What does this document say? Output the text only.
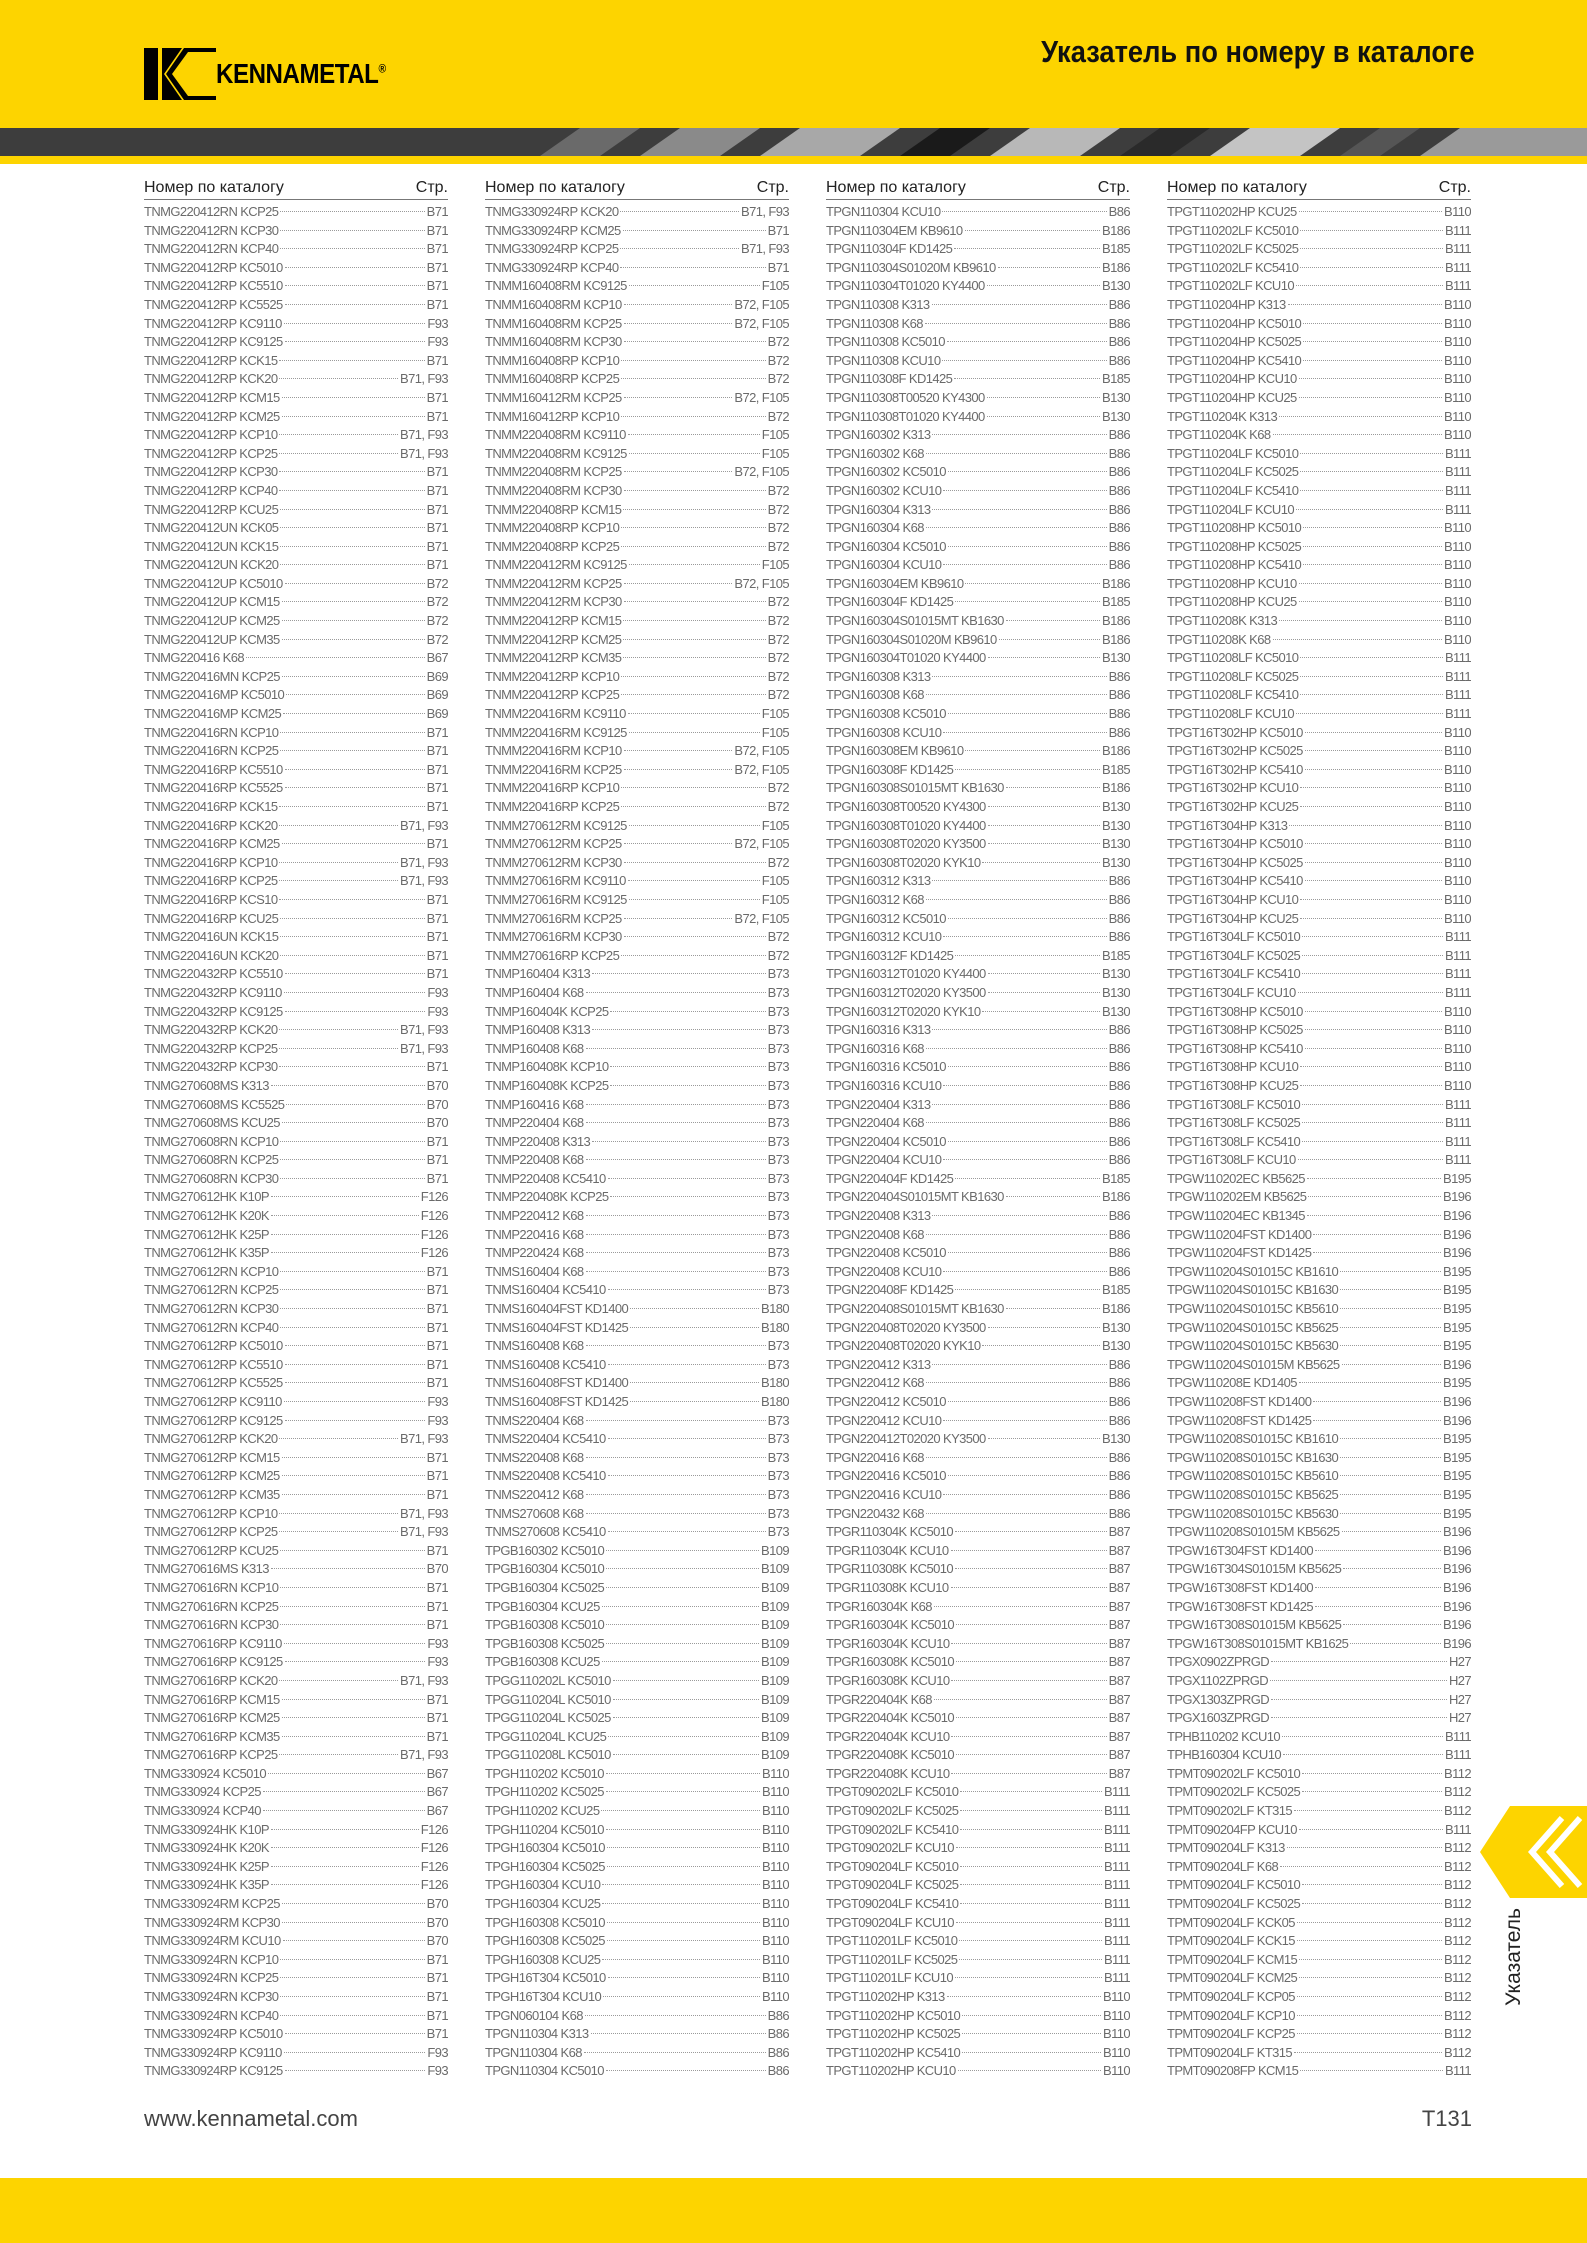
KENNAMETAL®	Указатель по номеру в каталоге
Номер по каталогу	Стр.
TNMG220412RN KCP25	B71
TNMG220412RN KCP30	B71
TNMG220412RN KCP40	B71
TNMG220412RP KC5010	B71
TNMG220412RP KC5510	B71
TNMG220412RP KC5525	B71
TNMG220412RP KC9110	F93
TNMG220412RP KC9125	F93
TNMG220412RP KCK15	B71
TNMG220412RP KCK20	B71, F93
TNMG220412RP KCM15	B71
TNMG220412RP KCM25	B71
TNMG220412RP KCP10	B71, F93
TNMG220412RP KCP25	B71, F93
TNMG220412RP KCP30	B71
TNMG220412RP KCP40	B71
TNMG220412RP KCU25	B71
TNMG220412UN KCK05	B71
TNMG220412UN KCK15	B71
TNMG220412UN KCK20	B71
TNMG220412UP KC5010	B72
TNMG220412UP KCM15	B72
TNMG220412UP KCM25	B72
TNMG220412UP KCM35	B72
TNMG220416 K68	B67
TNMG220416MN KCP25	B69
TNMG220416MP KC5010	B69
TNMG220416MP KCM25	B69
TNMG220416RN KCP10	B71
TNMG220416RN KCP25	B71
TNMG220416RP KC5510	B71
TNMG220416RP KC5525	B71
TNMG220416RP KCK15	B71
TNMG220416RP KCK20	B71, F93
TNMG220416RP KCM25	B71
TNMG220416RP KCP10	B71, F93
TNMG220416RP KCP25	B71, F93
TNMG220416RP KCS10	B71
TNMG220416RP KCU25	B71
TNMG220416UN KCK15	B71
TNMG220416UN KCK20	B71
TNMG220432RP KC5510	B71
TNMG220432RP KC9110	F93
TNMG220432RP KC9125	F93
TNMG220432RP KCK20	B71, F93
TNMG220432RP KCP25	B71, F93
TNMG220432RP KCP30	B71
TNMG270608MS K313	B70
TNMG270608MS KC5525	B70
TNMG270608MS KCU25	B70
TNMG270608RN KCP10	B71
TNMG270608RN KCP25	B71
TNMG270608RN KCP30	B71
TNMG270612HK K10P	F126
TNMG270612HK K20K	F126
TNMG270612HK K25P	F126
TNMG270612HK K35P	F126
TNMG270612RN KCP10	B71
TNMG270612RN KCP25	B71
TNMG270612RN KCP30	B71
TNMG270612RN KCP40	B71
TNMG270612RP KC5010	B71
TNMG270612RP KC5510	B71
TNMG270612RP KC5525	B71
TNMG270612RP KC9110	F93
TNMG270612RP KC9125	F93
TNMG270612RP KCK20	B71, F93
TNMG270612RP KCM15	B71
TNMG270612RP KCM25	B71
TNMG270612RP KCM35	B71
TNMG270612RP KCP10	B71, F93
TNMG270612RP KCP25	B71, F93
TNMG270612RP KCU25	B71
TNMG270616MS K313	B70
TNMG270616RN KCP10	B71
TNMG270616RN KCP25	B71
TNMG270616RN KCP30	B71
TNMG270616RP KC9110	F93
TNMG270616RP KC9125	F93
TNMG270616RP KCK20	B71, F93
TNMG270616RP KCM15	B71
TNMG270616RP KCM25	B71
TNMG270616RP KCM35	B71
TNMG270616RP KCP25	B71, F93
TNMG330924 KC5010	B67
TNMG330924 KCP25	B67
TNMG330924 KCP40	B67
TNMG330924HK K10P	F126
TNMG330924HK K20K	F126
TNMG330924HK K25P	F126
TNMG330924HK K35P	F126
TNMG330924RM KCP25	B70
TNMG330924RM KCP30	B70
TNMG330924RM KCU10	B70
TNMG330924RN KCP10	B71
TNMG330924RN KCP25	B71
TNMG330924RN KCP30	B71
TNMG330924RN KCP40	B71
TNMG330924RP KC5010	B71
TNMG330924RP KC9110	F93
TNMG330924RP KC9125	F93
Номер по каталогу	Стр.
TNMG330924RP KCK20	B71, F93
TNMG330924RP KCM25	B71
TNMG330924RP KCP25	B71, F93
TNMG330924RP KCP40	B71
TNMM160408RM KC9125	F105
TNMM160408RM KCP10	B72, F105
TNMM160408RM KCP25	B72, F105
TNMM160408RM KCP30	B72
TNMM160408RP KCP10	B72
TNMM160408RP KCP25	B72
TNMM160412RM KCP25	B72, F105
TNMM160412RP KCP10	B72
TNMM220408RM KC9110	F105
TNMM220408RM KC9125	F105
TNMM220408RM KCP25	B72, F105
TNMM220408RM KCP30	B72
TNMM220408RP KCM15	B72
TNMM220408RP KCP10	B72
TNMM220408RP KCP25	B72
TNMM220412RM KC9125	F105
TNMM220412RM KCP25	B72, F105
TNMM220412RM KCP30	B72
TNMM220412RP KCM15	B72
TNMM220412RP KCM25	B72
TNMM220412RP KCM35	B72
TNMM220412RP KCP10	B72
TNMM220412RP KCP25	B72
TNMM220416RM KC9110	F105
TNMM220416RM KC9125	F105
TNMM220416RM KCP10	B72, F105
TNMM220416RM KCP25	B72, F105
TNMM220416RP KCP10	B72
TNMM220416RP KCP25	B72
TNMM270612RM KC9125	F105
TNMM270612RM KCP25	B72, F105
TNMM270612RM KCP30	B72
TNMM270616RM KC9110	F105
TNMM270616RM KC9125	F105
TNMM270616RM KCP25	B72, F105
TNMM270616RM KCP30	B72
TNMM270616RP KCP25	B72
TNMP160404 K313	B73
TNMP160404 K68	B73
TNMP160404K KCP25	B73
TNMP160408 K313	B73
TNMP160408 K68	B73
TNMP160408K KCP10	B73
TNMP160408K KCP25	B73
TNMP160416 K68	B73
TNMP220404 K68	B73
TNMP220408 K313	B73
TNMP220408 K68	B73
TNMP220408 KC5410	B73
TNMP220408K KCP25	B73
TNMP220412 K68	B73
TNMP220416 K68	B73
TNMP220424 K68	B73
TNMS160404 K68	B73
TNMS160404 KC5410	B73
TNMS160404FST KD1400	B180
TNMS160404FST KD1425	B180
TNMS160408 K68	B73
TNMS160408 KC5410	B73
TNMS160408FST KD1400	B180
TNMS160408FST KD1425	B180
TNMS220404 K68	B73
TNMS220404 KC5410	B73
TNMS220408 K68	B73
TNMS220408 KC5410	B73
TNMS220412 K68	B73
TNMS270608 K68	B73
TNMS270608 KC5410	B73
TPGB160302 KC5010	B109
TPGB160304 KC5010	B109
TPGB160304 KC5025	B109
TPGB160304 KCU25	B109
TPGB160308 KC5010	B109
TPGB160308 KC5025	B109
TPGB160308 KCU25	B109
TPGG110202L KC5010	B109
TPGG110204L KC5010	B109
TPGG110204L KC5025	B109
TPGG110204L KCU25	B109
TPGG110208L KC5010	B109
TPGH110202 KC5010	B110
TPGH110202 KC5025	B110
TPGH110202 KCU25	B110
TPGH110204 KC5010	B110
TPGH160304 KC5010	B110
TPGH160304 KC5025	B110
TPGH160304 KCU10	B110
TPGH160304 KCU25	B110
TPGH160308 KC5010	B110
TPGH160308 KC5025	B110
TPGH160308 KCU25	B110
TPGH16T304 KC5010	B110
TPGH16T304 KCU10	B110
TPGN060104 K68	B86
TPGN110304 K313	B86
TPGN110304 K68	B86
TPGN110304 KC5010	B86
Номер по каталогу	Стр.
TPGN110304 KCU10	B86
TPGN110304EM KB9610	B186
TPGN110304F KD1425	B185
TPGN110304S01020M KB9610	B186
TPGN110304T01020 KY4400	B130
TPGN110308 K313	B86
TPGN110308 K68	B86
TPGN110308 KC5010	B86
TPGN110308 KCU10	B86
TPGN110308F KD1425	B185
TPGN110308T00520 KY4300	B130
TPGN110308T01020 KY4400	B130
TPGN160302 K313	B86
TPGN160302 K68	B86
TPGN160302 KC5010	B86
TPGN160302 KCU10	B86
TPGN160304 K313	B86
TPGN160304 K68	B86
TPGN160304 KC5010	B86
TPGN160304 KCU10	B86
TPGN160304EM KB9610	B186
TPGN160304F KD1425	B185
TPGN160304S01015MT KB1630	B186
TPGN160304S01020M KB9610	B186
TPGN160304T01020 KY4400	B130
TPGN160308 K313	B86
TPGN160308 K68	B86
TPGN160308 KC5010	B86
TPGN160308 KCU10	B86
TPGN160308EM KB9610	B186
TPGN160308F KD1425	B185
TPGN160308S01015MT KB1630	B186
TPGN160308T00520 KY4300	B130
TPGN160308T01020 KY4400	B130
TPGN160308T02020 KY3500	B130
TPGN160308T02020 KYK10	B130
TPGN160312 K313	B86
TPGN160312 K68	B86
TPGN160312 KC5010	B86
TPGN160312 KCU10	B86
TPGN160312F KD1425	B185
TPGN160312T01020 KY4400	B130
TPGN160312T02020 KY3500	B130
TPGN160312T02020 KYK10	B130
TPGN160316 K313	B86
TPGN160316 K68	B86
TPGN160316 KC5010	B86
TPGN160316 KCU10	B86
TPGN220404 K313	B86
TPGN220404 K68	B86
TPGN220404 KC5010	B86
TPGN220404 KCU10	B86
TPGN220404F KD1425	B185
TPGN220404S01015MT KB1630	B186
TPGN220408 K313	B86
TPGN220408 K68	B86
TPGN220408 KC5010	B86
TPGN220408 KCU10	B86
TPGN220408F KD1425	B185
TPGN220408S01015MT KB1630	B186
TPGN220408T02020 KY3500	B130
TPGN220408T02020 KYK10	B130
TPGN220412 K313	B86
TPGN220412 K68	B86
TPGN220412 KC5010	B86
TPGN220412 KCU10	B86
TPGN220412T02020 KY3500	B130
TPGN220416 K68	B86
TPGN220416 KC5010	B86
TPGN220416 KCU10	B86
TPGN220432 K68	B86
TPGR110304K KC5010	B87
TPGR110304K KCU10	B87
TPGR110308K KC5010	B87
TPGR110308K KCU10	B87
TPGR160304K K68	B87
TPGR160304K KC5010	B87
TPGR160304K KCU10	B87
TPGR160308K KC5010	B87
TPGR160308K KCU10	B87
TPGR220404K K68	B87
TPGR220404K KC5010	B87
TPGR220404K KCU10	B87
TPGR220408K KC5010	B87
TPGR220408K KCU10	B87
TPGT090202LF KC5010	B111
TPGT090202LF KC5025	B111
TPGT090202LF KC5410	B111
TPGT090202LF KCU10	B111
TPGT090204LF KC5010	B111
TPGT090204LF KC5025	B111
TPGT090204LF KC5410	B111
TPGT090204LF KCU10	B111
TPGT110201LF KC5010	B111
TPGT110201LF KC5025	B111
TPGT110201LF KCU10	B111
TPGT110202HP K313	B110
TPGT110202HP KC5010	B110
TPGT110202HP KC5025	B110
TPGT110202HP KC5410	B110
TPGT110202HP KCU10	B110
Номер по каталогу	Стр.
TPGT110202HP KCU25	B110
TPGT110202LF KC5010	B111
TPGT110202LF KC5025	B111
TPGT110202LF KC5410	B111
TPGT110202LF KCU10	B111
TPGT110204HP K313	B110
TPGT110204HP KC5010	B110
TPGT110204HP KC5025	B110
TPGT110204HP KC5410	B110
TPGT110204HP KCU10	B110
TPGT110204HP KCU25	B110
TPGT110204K K313	B110
TPGT110204K K68	B110
TPGT110204LF KC5010	B111
TPGT110204LF KC5025	B111
TPGT110204LF KC5410	B111
TPGT110204LF KCU10	B111
TPGT110208HP KC5010	B110
TPGT110208HP KC5025	B110
TPGT110208HP KC5410	B110
TPGT110208HP KCU10	B110
TPGT110208HP KCU25	B110
TPGT110208K K313	B110
TPGT110208K K68	B110
TPGT110208LF KC5010	B111
TPGT110208LF KC5025	B111
TPGT110208LF KC5410	B111
TPGT110208LF KCU10	B111
TPGT16T302HP KC5010	B110
TPGT16T302HP KC5025	B110
TPGT16T302HP KC5410	B110
TPGT16T302HP KCU10	B110
TPGT16T302HP KCU25	B110
TPGT16T304HP K313	B110
TPGT16T304HP KC5010	B110
TPGT16T304HP KC5025	B110
TPGT16T304HP KC5410	B110
TPGT16T304HP KCU10	B110
TPGT16T304HP KCU25	B110
TPGT16T304LF KC5010	B111
TPGT16T304LF KC5025	B111
TPGT16T304LF KC5410	B111
TPGT16T304LF KCU10	B111
TPGT16T308HP KC5010	B110
TPGT16T308HP KC5025	B110
TPGT16T308HP KC5410	B110
TPGT16T308HP KCU10	B110
TPGT16T308HP KCU25	B110
TPGT16T308LF KC5010	B111
TPGT16T308LF KC5025	B111
TPGT16T308LF KC5410	B111
TPGT16T308LF KCU10	B111
TPGW110202EC KB5625	B195
TPGW110202EM KB5625	B196
TPGW110204EC KB1345	B196
TPGW110204FST KD1400	B196
TPGW110204FST KD1425	B196
TPGW110204S01015C KB1610	B195
TPGW110204S01015C KB1630	B195
TPGW110204S01015C KB5610	B195
TPGW110204S01015C KB5625	B195
TPGW110204S01015C KB5630	B195
TPGW110204S01015M KB5625	B196
TPGW110208E KD1405	B195
TPGW110208FST KD1400	B196
TPGW110208FST KD1425	B196
TPGW110208S01015C KB1610	B195
TPGW110208S01015C KB1630	B195
TPGW110208S01015C KB5610	B195
TPGW110208S01015C KB5625	B195
TPGW110208S01015C KB5630	B195
TPGW110208S01015M KB5625	B196
TPGW16T304FST KD1400	B196
TPGW16T304S01015M KB5625	B196
TPGW16T308FST KD1400	B196
TPGW16T308FST KD1425	B196
TPGW16T308S01015M KB5625	B196
TPGW16T308S01015MT KB1625	B196
TPGX0902ZPRGD	H27
TPGX1102ZPRGD	H27
TPGX1303ZPRGD	H27
TPGX1603ZPRGD	H27
TPHB110202 KCU10	B111
TPHB160304 KCU10	B111
TPMT090202LF KC5010	B112
TPMT090202LF KC5025	B112
TPMT090202LF KT315	B112
TPMT090204FP KCU10	B111
TPMT090204LF K313	B112
TPMT090204LF K68	B112
TPMT090204LF KC5010	B112
TPMT090204LF KC5025	B112
TPMT090204LF KCK05	B112
TPMT090204LF KCK15	B112
TPMT090204LF KCM15	B112
TPMT090204LF KCM25	B112
TPMT090204LF KCP05	B112
TPMT090204LF KCP10	B112
TPMT090204LF KCP25	B112
TPMT090204LF KT315	B112
TPMT090208FP KCM15	B111
Указатель
www.kennametal.com	T131
